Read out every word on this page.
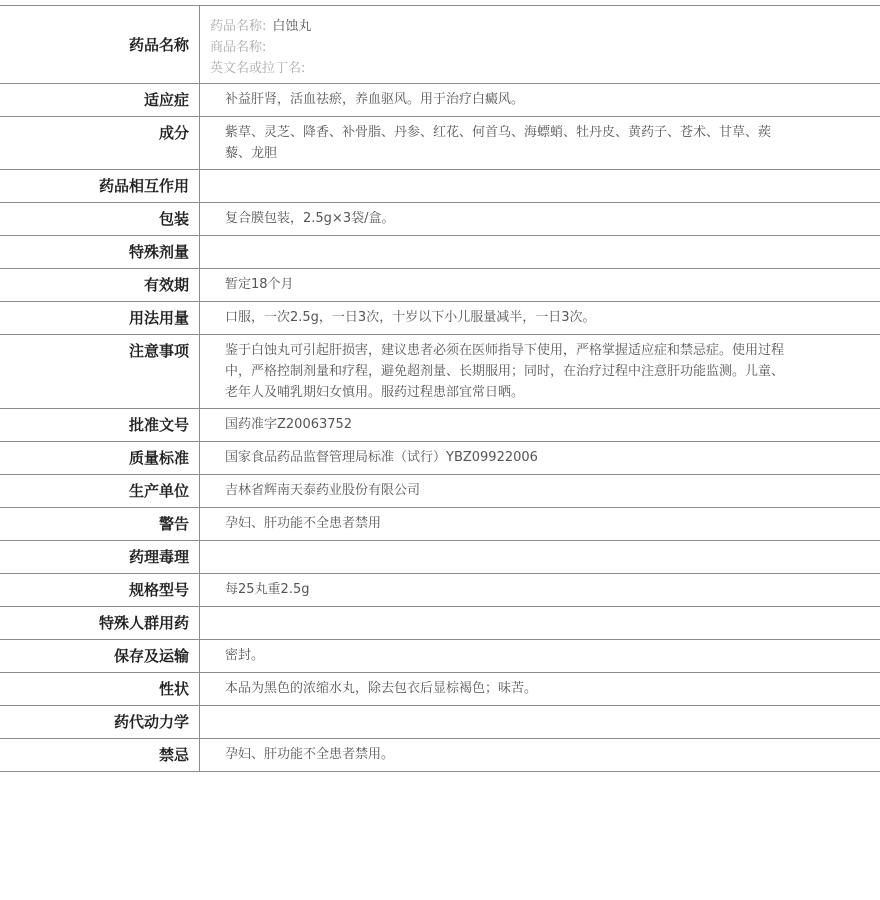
药品名称
药品名称: 白蚀丸
商品名称:
英文名或拉丁名:
适应症	补益肝肾，活血祛瘀，养血驱风。用于治疗白癜风。
成分	紫草、灵芝、降香、补骨脂、丹参、红花、何首乌、海螵蛸、牡丹皮、黄药子、苍术、甘草、蒺藜、龙胆
药品相互作用
包装	复合膜包装，2.5g×3袋/盒。
特殊剂量
有效期	暂定18个月
用法用量	口服，一次2.5g，一日3次，十岁以下小儿服量减半，一日3次。
注意事项	鉴于白蚀丸可引起肝损害，建议患者必须在医师指导下使用，严格掌握适应症和禁忌症。使用过程中，严格控制剂量和疗程，避免超剂量、长期服用；同时，在治疗过程中注意肝功能监测。儿童、老年人及哺乳期妇女慎用。服药过程患部宜常日晒。
批准文号	国药准字Z20063752
质量标准	国家食品药品监督管理局标准（试行）YBZ09922006
生产单位	吉林省辉南天泰药业股份有限公司
警告	孕妇、肝功能不全患者禁用
药理毒理
规格型号	每25丸重2.5g
特殊人群用药
保存及运输	密封。
性状	本品为黑色的浓缩水丸，除去包衣后显棕褐色；味苦。
药代动力学
禁忌	孕妇、肝功能不全患者禁用。
